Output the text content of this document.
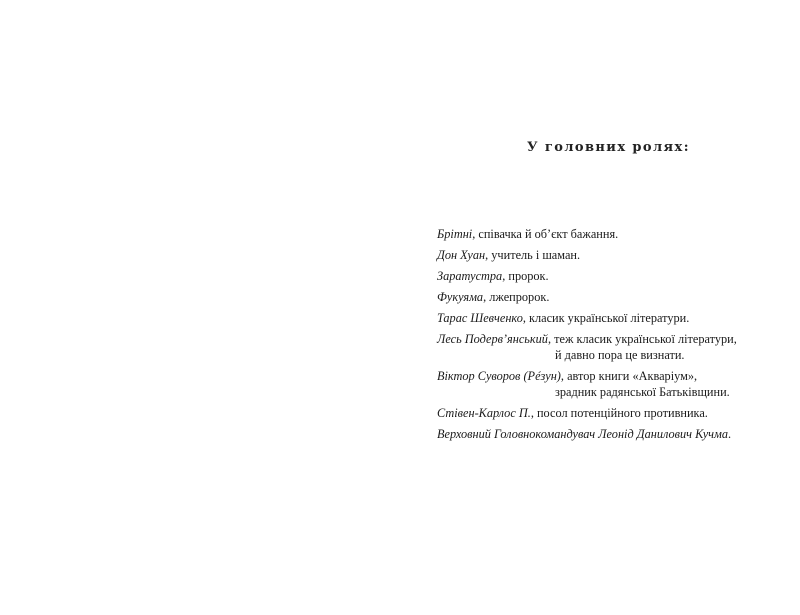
У головних ролях:
Брітні, співачка й об’єкт бажання.
Дон Хуан, учитель і шаман.
Заратустра, пророк.
Фукуяма, лжепророк.
Тарас Шевченко, класик української літератури.
Лесь Подерв’янський, теж класик української літератури,
й давно пора це визнати.
Віктор Суворов (Рéзун), автор книги «Акваріум»,
зрадник радянської Батьківщини.
Стівен-Карлос П., посол потенційного противника.
Верховний Головнокомандувач Леонід Данилович Кучма.
